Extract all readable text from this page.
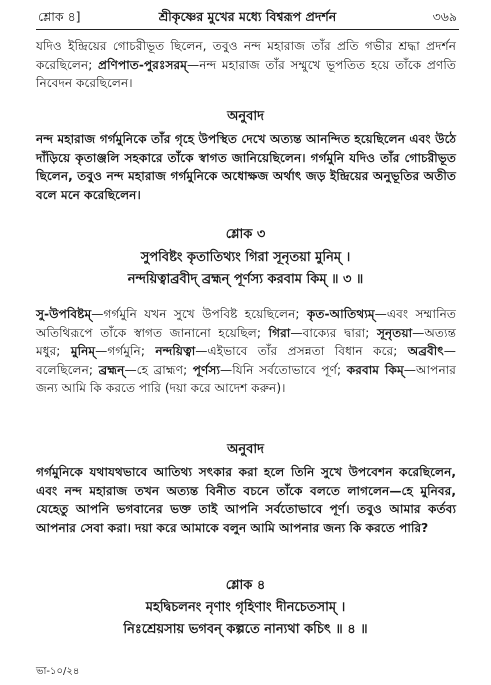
শ্লোক ৪]	শ্রীকৃষ্ণের মুখের মধ্যে বিশ্বরূপ প্রদর্শন	৩৬৯
যদিও ইন্দ্রিয়ের গোচরীভূত ছিলেন, তবুও নন্দ মহারাজ তাঁর প্রতি গভীর শ্রদ্ধা প্রদর্শন করেছিলেন; প্রণিপাত-পুরঃসরম্—নন্দ মহারাজ তাঁর সম্মুখে ভূপতিত হয়ে তাঁকে প্রণতি নিবেদন করেছিলেন।
অনুবাদ
নন্দ মহারাজ গর্গমুনিকে তাঁর গৃহে উপস্থিত দেখে অত্যন্ত আনন্দিত হয়েছিলেন এবং উঠে দাঁড়িয়ে কৃতাঞ্জলি সহকারে তাঁকে স্বাগত জানিয়েছিলেন। গর্গমুনি যদিও তাঁর গোচরীভূত ছিলেন, তবুও নন্দ মহারাজ গর্গমুনিকে অধোক্ষজ অর্থাৎ জড় ইন্দ্রিয়ের অনুভূতির অতীত বলে মনে করেছিলেন।
শ্লোক ৩
সুপবিষ্টং কৃতাতিথ্যং গিরা সূনৃতয়া মুনিম্ ।
নন্দয়িত্বাব্রবীদ্ ব্রহ্মন্ পূর্ণস্য করবাম কিম্ ॥ ৩ ॥
সু-উপবিষ্টম্—গর্গমুনি যখন সুখে উপবিষ্ট হয়েছিলেন; কৃত-আতিথ্যম্—এবং সম্মানিত অতিথিরূপে তাঁকে স্বাগত জানানো হয়েছিল; গিরা—বাক্যের দ্বারা; সূনৃতয়া—অত্যন্ত মধুর; মুনিম্—গর্গমুনি; নন্দয়িত্বা—এইভাবে তাঁর প্রসন্নতা বিধান করে; অব্রবীৎ—বলেছিলেন; ব্রহ্মন্—হে ব্রাহ্মণ; পূর্ণস্য—যিনি সর্বতোভাবে পূর্ণ; করবাম কিম্—আপনার জন্য আমি কি করতে পারি (দয়া করে আদেশ করুন)।
অনুবাদ
গর্গমুনিকে যথাযথভাবে আতিথ্য সৎকার করা হলে তিনি সুখে উপবেশন করেছিলেন, এবং নন্দ মহারাজ তখন অত্যন্ত বিনীত বচনে তাঁকে বলতে লাগলেন—হে মুনিবর, যেহেতু আপনি ভগবানের ভক্ত তাই আপনি সর্বতোভাবে পূর্ণ। তবুও আমার কর্তব্য আপনার সেবা করা। দয়া করে আমাকে বলুন আমি আপনার জন্য কি করতে পারি?
শ্লোক ৪
মহদ্বিচলনং নৃণাং গৃহিণাং দীনচেতসাম্ ।
নিঃশ্রেয়সায় ভগবন্ কল্পতে নান্যথা কচিৎ ॥ ৪ ॥
ভা-১০/২৪
